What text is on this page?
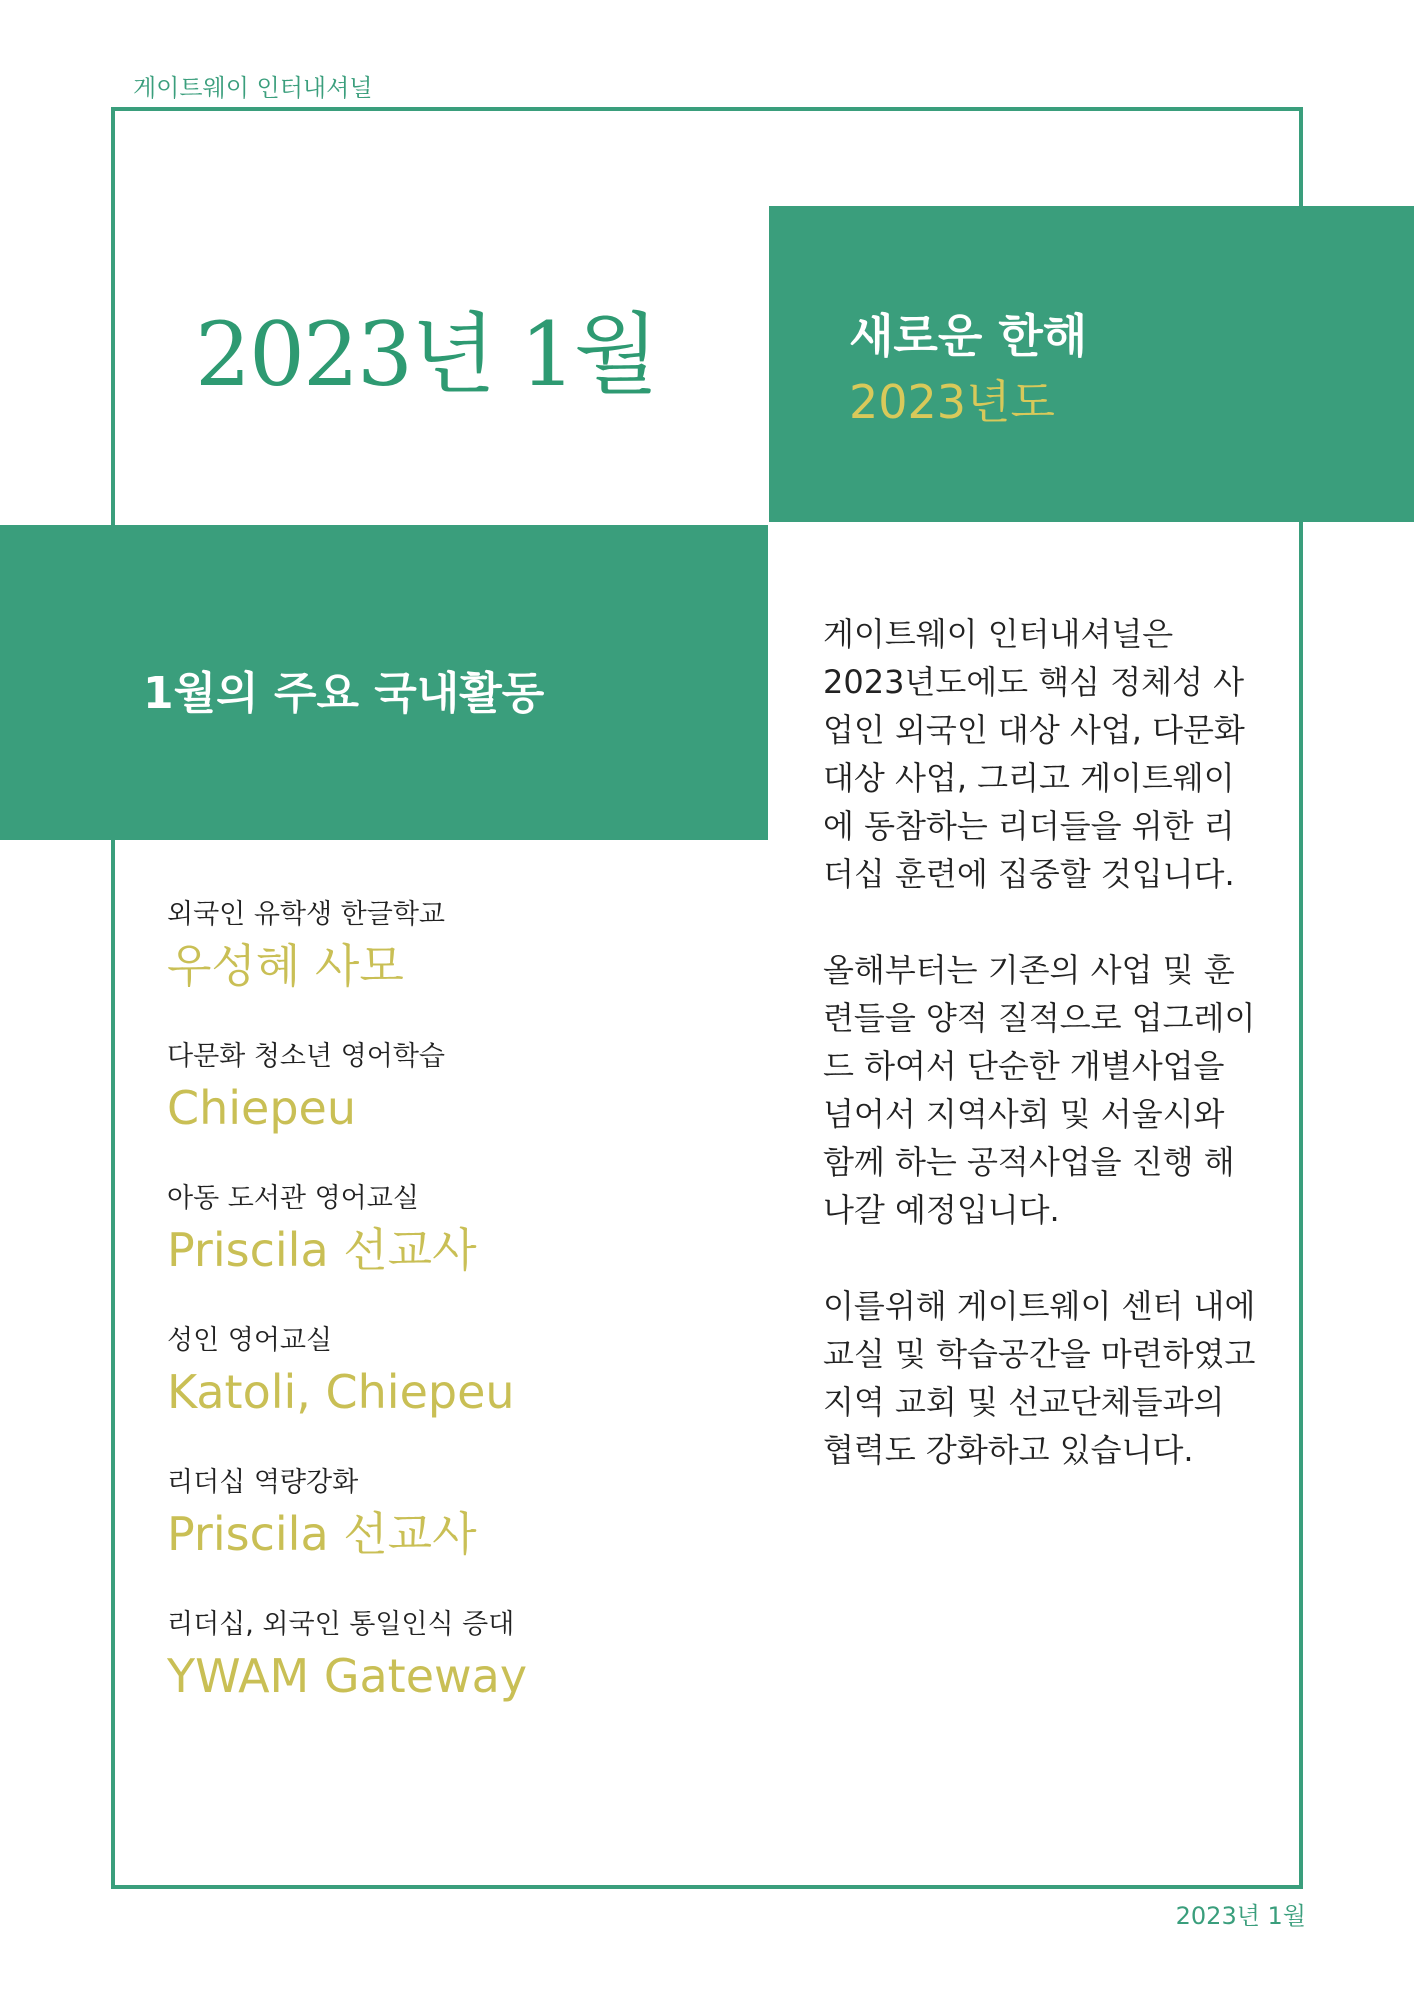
게이트웨이 인터내셔널
2023년 1월	새로운 한해
2023년도
1월의 주요 국내활동
외국인 유학생 한글학교
우성혜 사모
다문화 청소년 영어학습
Chiepeu
아동 도서관 영어교실
Priscila 선교사
성인 영어교실
Katoli, Chiepeu
리더십 역량강화
Priscila 선교사
리더십, 외국인 통일인식 증대
YWAM Gateway

게이트웨이 인터내셔널은 2023년도에도 핵심 정체성 사업인 외국인 대상 사업, 다문화 대상 사업, 그리고 게이트웨이에 동참하는 리더들을 위한 리더십 훈련에 집중할 것입니다.

올해부터는 기존의 사업 및 훈련들을 양적 질적으로 업그레이드 하여서 단순한 개별사업을 넘어서 지역사회 및 서울시와 함께 하는 공적사업을 진행 해 나갈 예정입니다.

이를위해 게이트웨이 센터 내에 교실 및 학습공간을 마련하였고 지역 교회 및 선교단체들과의 협력도 강화하고 있습니다.

2023년 1월
